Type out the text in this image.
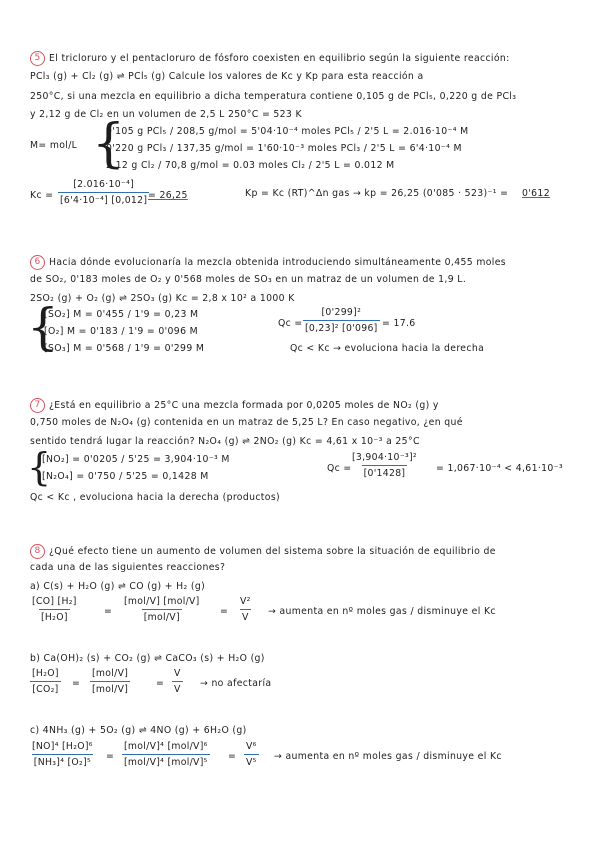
5 El tricloruro y el pentacloruro de fósforo coexisten en equilibrio según la siguiente reacción:
PCl₃ (g) + Cl₂ (g) ⇌ PCl₅ (g) Calcule los valores de Kc y Kp para esta reacción a
250°C, si una mezcla en equilibrio a dicha temperatura contiene 0,105 g de PCl₅, 0,220 g de PCl₃
y 2,12 g de Cl₂ en un volumen de 2,5 L 250°C = 523 K
M= mol/L {
0'105 g PCl₅ / 208,5 g/mol = 5'04·10⁻⁴ moles PCl₅ / 2'5 L = 2.016·10⁻⁴ M
0'220 g PCl₃ / 137,35 g/mol = 1'60·10⁻³ moles PCl₃ / 2'5 L = 6'4·10⁻⁴ M
2,12 g Cl₂ / 70,8 g/mol = 0.03 moles Cl₂ / 2'5 L = 0.012 M
$Kc = \frac{\text{[2.016·10⁻⁴]}}{\text{[6'4·10⁻⁴] [0,012]}}$
= 26,25	Kp = Kc (RT)^Δn gas → kp = 26,25 (0'085 · 523)⁻¹ = 0'612
6 Hacia dónde evolucionaría la mezcla obtenida introduciendo simultáneamente 0,455 moles
de SO₂, 0'183 moles de O₂ y 0'568 moles de SO₃ en un matraz de un volumen de 1,9 L.
2SO₂ (g) + O₂ (g) ⇌ 2SO₃ (g) Kc = 2,8 x 10² a 1000 K
{
[SO₂] M = 0'455 / 1'9 = 0,23 M
[O₂] M = 0'183 / 1'9 = 0'096 M
[SO₃] M = 0'568 / 1'9 = 0'299 M
$Qc = \frac{\text{[0'299]²}}{\text{[0,23]² [0'096]}} = 17.6$
Qc < Kc → evoluciona hacia la derecha
7 ¿Está en equilibrio a 25°C una mezcla formada por 0,0205 moles de NO₂ (g) y
0,750 moles de N₂O₄ (g) contenida en un matraz de 5,25 L? En caso negativo, ¿en qué
sentido tendrá lugar la reacción? N₂O₄ (g) ⇌ 2NO₂ (g) Kc = 4,61 x 10⁻³ a 25°C
{
[NO₂] = 0'0205 / 5'25 = 3,904·10⁻³ M
[N₂O₄] = 0'750 / 5'25 = 0,1428 M
Qc =
$\frac{\text{[3,904·10⁻³]²}}{[0'1428]} = 1,067\cdot 10^{-4} < 4,61\cdot 10^{-3}$
Qc < Kc , evoluciona hacia la derecha (productos)
8 ¿Qué efecto tiene un aumento de volumen del sistema sobre la situación de equilibrio de
cada una de las siguientes reacciones?
a) C(s) + H₂O (g) ⇌ CO (g) + H₂ (g)
$\frac{\text{[CO] [H₂]}}{\text{[H₂O]}}$	=
[mol/V] [mol/V]
[mol/V]
= $\frac{\text{V²}}{V}$ → aumenta en nº moles gas / disminuye el Kc
b) Ca(OH)₂ (s) + CO₂ (g) ⇌ CaCO₃ (s) + H₂O (g)
$\frac{\text{[H₂O]}}{\text{[CO₂]}}$ =
[mol/V]
[mol/V]
= $\frac{V}{V}$ → no afectaría
c) 4NH₃ (g) + 5O₂ (g) ⇌ 4NO (g) + 6H₂O (g)
$\frac{\text{[NO]⁴ [H₂O]⁶}}{\text{[NH₃]⁴ [O₂]⁵}}$ =
[mol/V]⁴ [mol/V]⁶
[mol/V]⁴ [mol/V]⁵
= $\frac{\text{V⁶}}{\text{V⁵}}$ → aumenta en nº moles gas / disminuye el Kc
